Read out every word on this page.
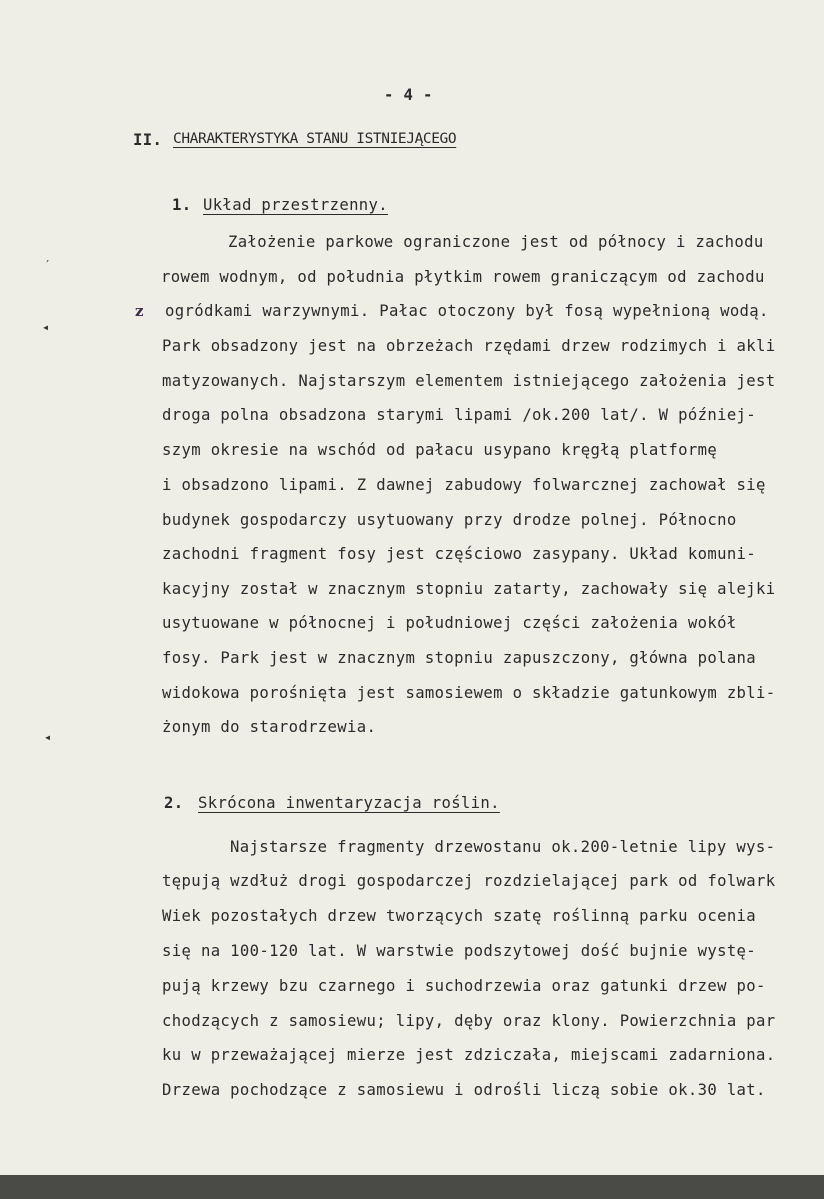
- 4 -
II. CHARAKTERYSTYKA STANU ISTNIEJĄCEGO
1. Układ przestrzenny.
z
′
◂
◂
Założenie parkowe ograniczone jest od północy i zachodu
rowem wodnym, od południa płytkim rowem graniczącym od zachodu
ogródkami warzywnymi. Pałac otoczony był fosą wypełnioną wodą.
Park obsadzony jest na obrzeżach rzędami drzew rodzimych i akli
matyzowanych. Najstarszym elementem istniejącego założenia jest
droga polna obsadzona starymi lipami /ok.200 lat/. W później-
szym okresie na wschód od pałacu usypano kręgłą platformę
i obsadzono lipami. Z dawnej zabudowy folwarcznej zachował się
budynek gospodarczy usytuowany przy drodze polnej. Północno
zachodni fragment fosy jest częściowo zasypany. Układ komuni-
kacyjny został w znacznym stopniu zatarty, zachowały się alejki
usytuowane w północnej i południowej części założenia wokół
fosy. Park jest w znacznym stopniu zapuszczony, główna polana
widokowa porośnięta jest samosiewem o składzie gatunkowym zbli-
żonym do starodrzewia.
2. Skrócona inwentaryzacja roślin.
Najstarsze fragmenty drzewostanu ok.200-letnie lipy wys-
tępują wzdłuż drogi gospodarczej rozdzielającej park od folwark
Wiek pozostałych drzew tworzących szatę roślinną parku ocenia
się na 100-120 lat. W warstwie podszytowej dość bujnie wystę-
pują krzewy bzu czarnego i suchodrzewia oraz gatunki drzew po-
chodzących z samosiewu; lipy, dęby oraz klony. Powierzchnia par
ku w przeważającej mierze jest zdziczała, miejscami zadarniona.
Drzewa pochodzące z samosiewu i odrośli liczą sobie ok.30 lat.
